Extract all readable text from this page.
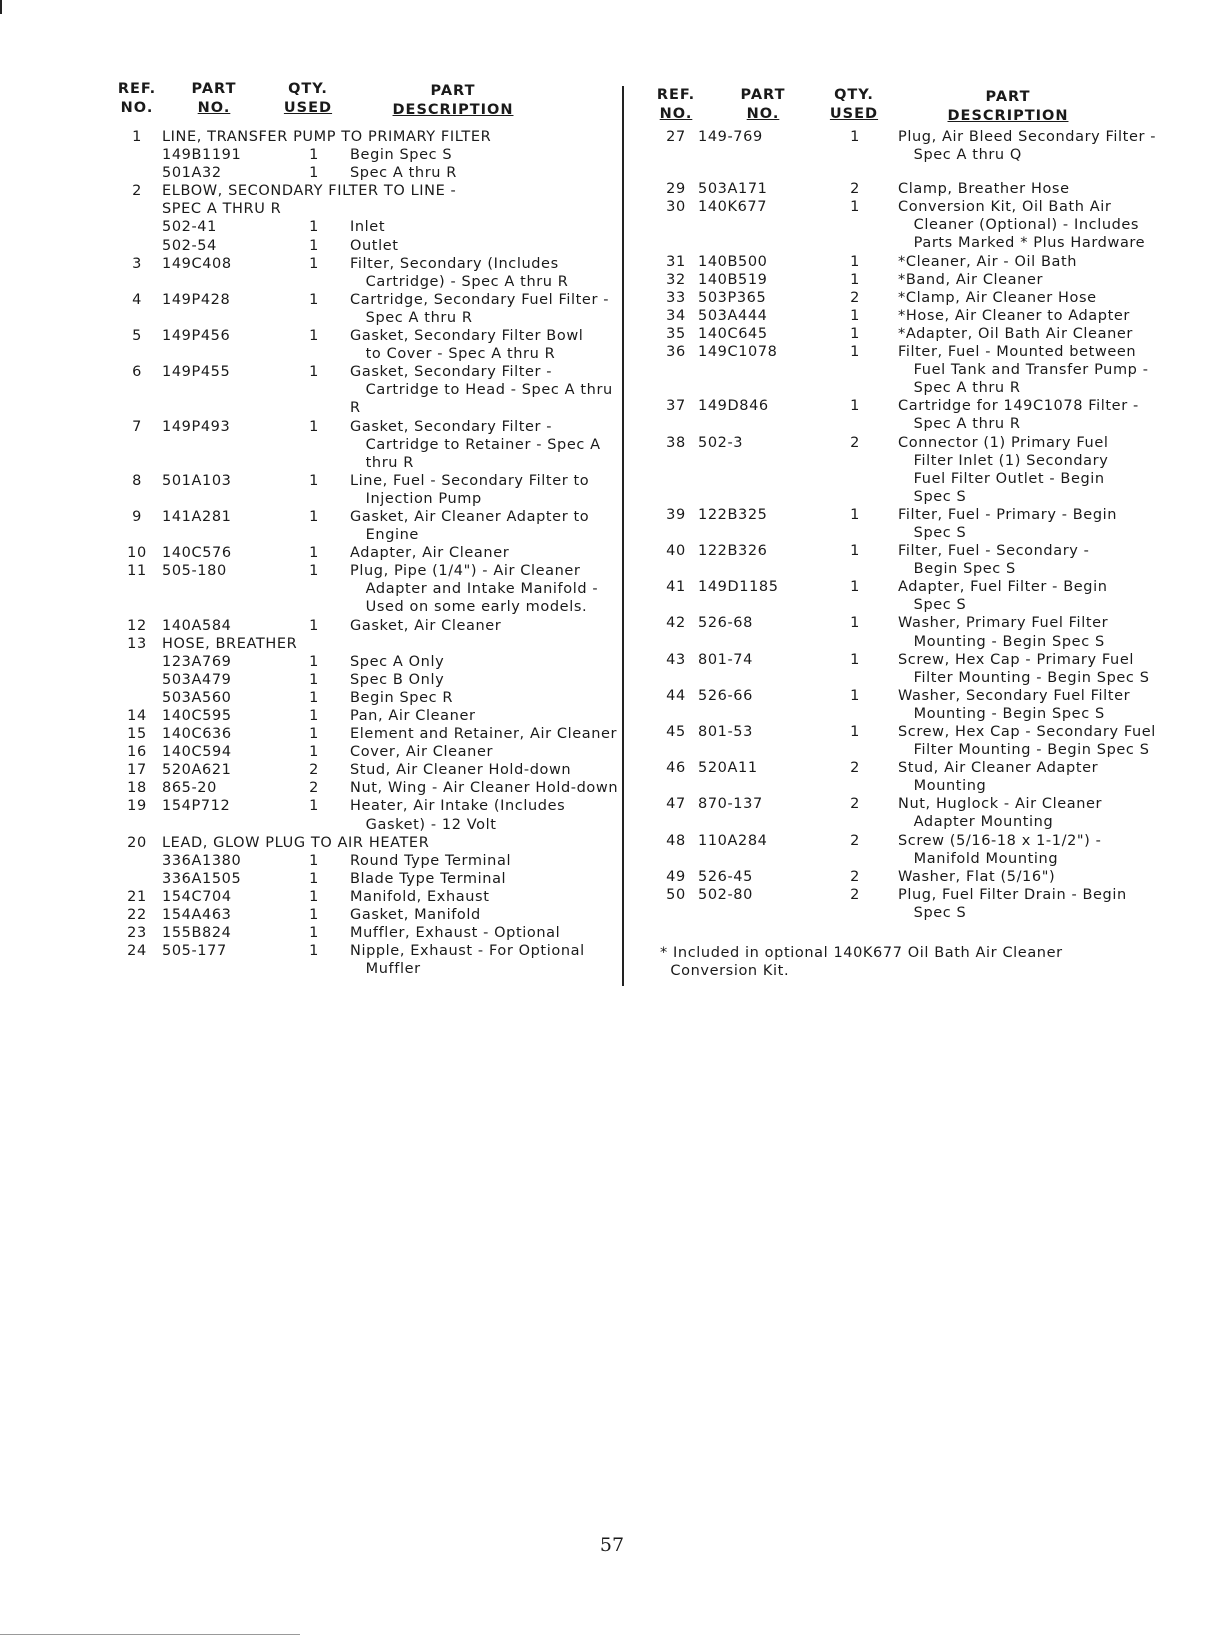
REF.
NO.
PART
NO.
QTY.
USED
PART
DESCRIPTION
1	LINE, TRANSFER PUMP TO PRIMARY FILTER
149B1191	1	Begin Spec S
501A32	1	Spec A thru R
2	ELBOW, SECONDARY FILTER TO LINE -
SPEC A THRU R
502-41	1	Inlet
502-54	1	Outlet
3	149C408	1	Filter, Secondary (Includes
Cartridge) - Spec A thru R
4	149P428	1	Cartridge, Secondary Fuel Filter -
Spec A thru R
5	149P456	1	Gasket, Secondary Filter Bowl
to Cover - Spec A thru R
6	149P455	1	Gasket, Secondary Filter -
Cartridge to Head - Spec A thru R
7	149P493	1	Gasket, Secondary Filter -
Cartridge to Retainer - Spec A
thru R
8	501A103	1	Line, Fuel - Secondary Filter to
Injection Pump
9	141A281	1	Gasket, Air Cleaner Adapter to
Engine
10	140C576	1	Adapter, Air Cleaner
11	505-180	1	Plug, Pipe (1/4") - Air Cleaner
Adapter and Intake Manifold -
Used on some early models.
12	140A584	1	Gasket, Air Cleaner
13	HOSE, BREATHER
123A769	1	Spec A Only
503A479	1	Spec B Only
503A560	1	Begin Spec R
14	140C595	1	Pan, Air Cleaner
15	140C636	1	Element and Retainer, Air Cleaner
16	140C594	1	Cover, Air Cleaner
17	520A621	2	Stud, Air Cleaner Hold-down
18	865-20	2	Nut, Wing - Air Cleaner Hold-down
19	154P712	1	Heater, Air Intake (Includes
Gasket) - 12 Volt
20	LEAD, GLOW PLUG TO AIR HEATER
336A1380	1	Round Type Terminal
336A1505	1	Blade Type Terminal
21	154C704	1	Manifold, Exhaust
22	154A463	1	Gasket, Manifold
23	155B824	1	Muffler, Exhaust - Optional
24	505-177	1	Nipple, Exhaust - For Optional
Muffler
REF.
NO.
PART
NO.
QTY.
USED
PART
DESCRIPTION
27 149-769	1	Plug, Air Bleed Secondary Filter -
Spec A thru Q
29 503A171	2	Clamp, Breather Hose
30 140K677	1	Conversion Kit, Oil Bath Air
Cleaner (Optional) - Includes
Parts Marked * Plus Hardware
31 140B500	1	*Cleaner, Air - Oil Bath
32 140B519	1	*Band, Air Cleaner
33 503P365	2	*Clamp, Air Cleaner Hose
34 503A444	1	*Hose, Air Cleaner to Adapter
35 140C645	1	*Adapter, Oil Bath Air Cleaner
36 149C1078	1	Filter, Fuel - Mounted between
Fuel Tank and Transfer Pump -
Spec A thru R
37 149D846	1	Cartridge for 149C1078 Filter -
Spec A thru R
38 502-3	2	Connector (1) Primary Fuel
Filter Inlet (1) Secondary
Fuel Filter Outlet - Begin
Spec S
39 122B325	1	Filter, Fuel - Primary - Begin
Spec S
40 122B326	1	Filter, Fuel - Secondary -
Begin Spec S
41 149D1185	1	Adapter, Fuel Filter - Begin
Spec S
42 526-68	1	Washer, Primary Fuel Filter
Mounting - Begin Spec S
43 801-74	1	Screw, Hex Cap - Primary Fuel
Filter Mounting - Begin Spec S
44 526-66	1	Washer, Secondary Fuel Filter
Mounting - Begin Spec S
45 801-53	1	Screw, Hex Cap - Secondary Fuel
Filter Mounting - Begin Spec S
46 520A11	2	Stud, Air Cleaner Adapter
Mounting
47 870-137	2	Nut, Huglock - Air Cleaner
Adapter Mounting
48 110A284	2	Screw (5/16-18 x 1-1/2") -
Manifold Mounting
49 526-45	2	Washer, Flat (5/16")
50 502-80	2	Plug, Fuel Filter Drain - Begin
Spec S
* Included in optional 140K677 Oil Bath Air Cleaner
Conversion Kit.
57
